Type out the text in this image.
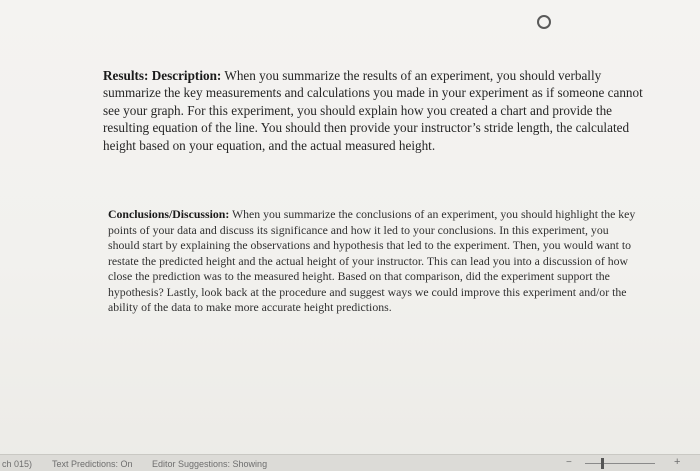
Results: Description: When you summarize the results of an experiment, you should verbally summarize the key measurements and calculations you made in your experiment as if someone cannot see your graph. For this experiment, you should explain how you created a chart and provide the resulting equation of the line. You should then provide your instructor’s stride length, the calculated height based on your equation, and the actual measured height.

Conclusions/Discussion: When you summarize the conclusions of an experiment, you should highlight the key points of your data and discuss its significance and how it led to your conclusions. In this experiment, you should start by explaining the observations and hypothesis that led to the experiment. Then, you would want to restate the predicted height and the actual height of your instructor. This can lead you into a discussion of how close the prediction was to the measured height. Based on that comparison, did the experiment support the hypothesis? Lastly, look back at the procedure and suggest ways we could improve this experiment and/or the ability of the data to make more accurate height predictions.

ch 015) Text Predictions: On Editor Suggestions: Showing	−	+
